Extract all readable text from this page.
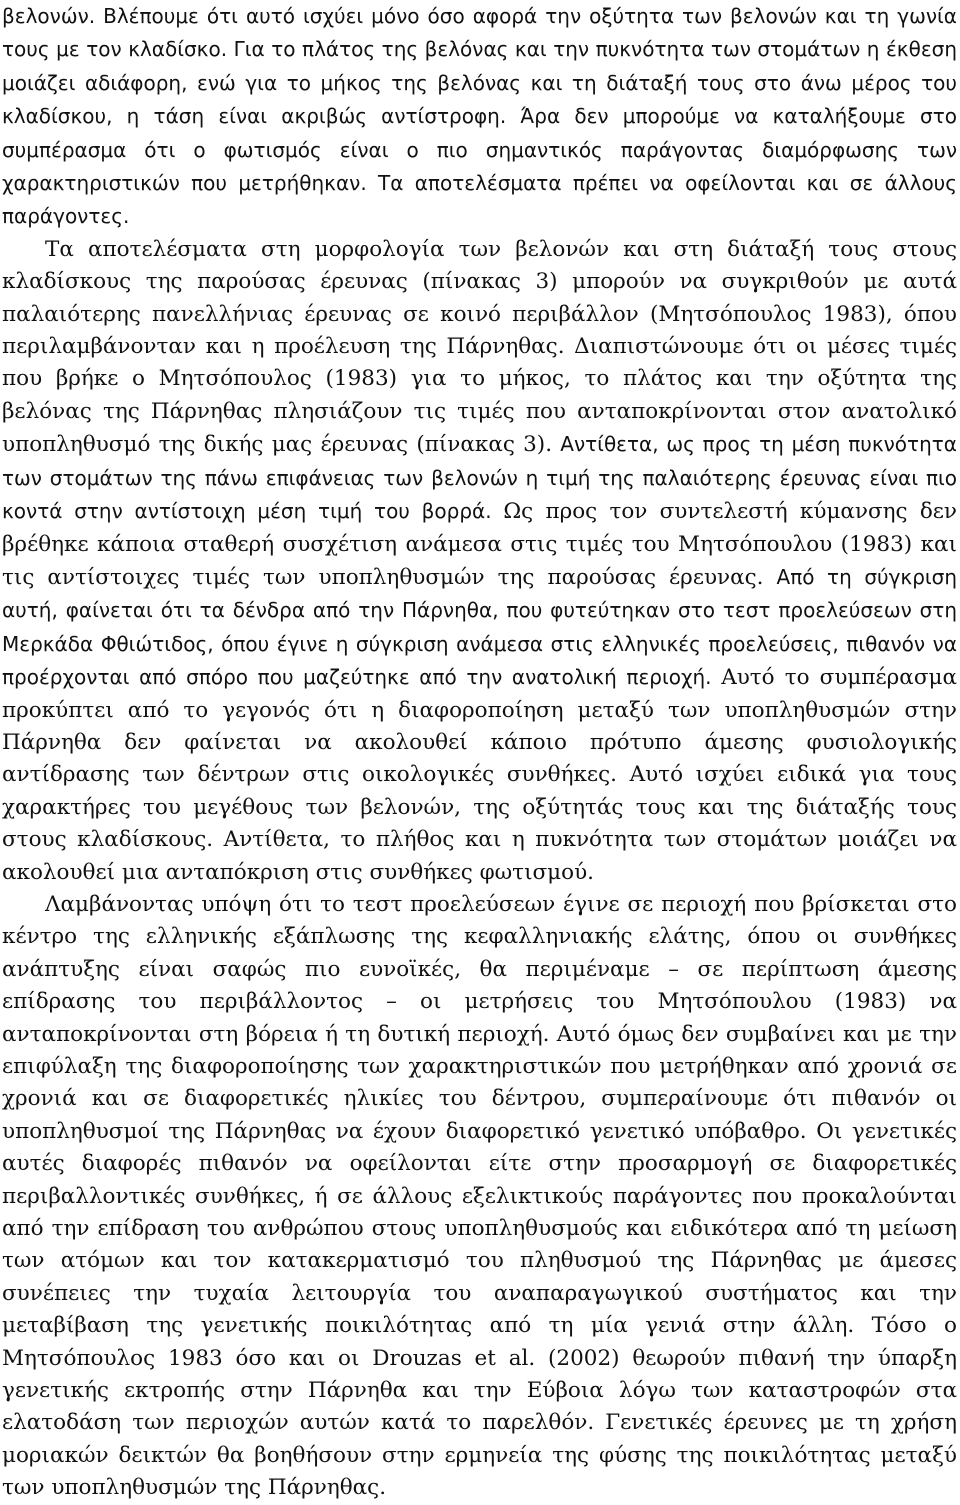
βελονών. Βλέπουμε ότι αυτό ισχύει μόνο όσο αφορά την οξύτητα των βελονών και τη γωνία τους με τον κλαδίσκο. Για το πλάτος της βελόνας και την πυκνότητα των στομάτων η έκθεση μοιάζει αδιάφορη, ενώ για το μήκος της βελόνας και τη διάταξή τους στο άνω μέρος του κλαδίσκου, η τάση είναι ακριβώς αντίστροφη. Άρα δεν μπορούμε να καταλήξουμε στο συμπέρασμα ότι ο φωτισμός είναι ο πιο σημαντικός παράγοντας διαμόρφωσης των χαρακτηριστικών που μετρήθηκαν. Τα αποτελέσματα πρέπει να οφείλονται και σε άλλους παράγοντες.

Τα αποτελέσματα στη μορφολογία των βελονών και στη διάταξή τους στους κλαδίσκους της παρούσας έρευνας (πίνακας 3) μπορούν να συγκριθούν με αυτά παλαιότερης πανελλήνιας έρευνας σε κοινό περιβάλλον (Μητσόπουλος 1983), όπου περιλαμβάνονταν και η προέλευση της Πάρνηθας. Διαπιστώνουμε ότι οι μέσες τιμές που βρήκε ο Μητσόπουλος (1983) για το μήκος, το πλάτος και την οξύτητα της βελόνας της Πάρνηθας πλησιάζουν τις τιμές που ανταποκρίνονται στον ανατολικό υποπληθυσμό της δικής μας έρευνας (πίνακας 3). Αντίθετα, ως προς τη μέση πυκνότητα των στομάτων της πάνω επιφάνειας των βελονών η τιμή της παλαιότερης έρευνας είναι πιο κοντά στην αντίστοιχη μέση τιμή του βορρά. Ως προς τον συντελεστή κύμανσης δεν βρέθηκε κάποια σταθερή συσχέτιση ανάμεσα στις τιμές του Μητσόπουλου (1983) και τις αντίστοιχες τιμές των υποπληθυσμών της παρούσας έρευνας. Από τη σύγκριση αυτή, φαίνεται ότι τα δένδρα από την Πάρνηθα, που φυτεύτηκαν στο τεστ προελεύσεων στη Μερκάδα Φθιώτιδος, όπου έγινε η σύγκριση ανάμεσα στις ελληνικές προελεύσεις, πιθανόν να προέρχονται από σπόρο που μαζεύτηκε από την ανατολική περιοχή. Αυτό το συμπέρασμα προκύπτει από το γεγονός ότι η διαφοροποίηση μεταξύ των υποπληθυσμών στην Πάρνηθα δεν φαίνεται να ακολουθεί κάποιο πρότυπο άμεσης φυσιολογικής αντίδρασης των δέντρων στις οικολογικές συνθήκες. Αυτό ισχύει ειδικά για τους χαρακτήρες του μεγέθους των βελονών, της οξύτητάς τους και της διάταξής τους στους κλαδίσκους. Αντίθετα, το πλήθος και η πυκνότητα των στομάτων μοιάζει να ακολουθεί μια ανταπόκριση στις συνθήκες φωτισμού.

Λαμβάνοντας υπόψη ότι το τεστ προελεύσεων έγινε σε περιοχή που βρίσκεται στο κέντρο της ελληνικής εξάπλωσης της κεφαλληνιακής ελάτης, όπου οι συνθήκες ανάπτυξης είναι σαφώς πιο ευνοϊκές, θα περιμέναμε – σε περίπτωση άμεσης επίδρασης του περιβάλλοντος – οι μετρήσεις του Μητσόπουλου (1983) να ανταποκρίνονται στη βόρεια ή τη δυτική περιοχή. Αυτό όμως δεν συμβαίνει και με την επιφύλαξη της διαφοροποίησης των χαρακτηριστικών που μετρήθηκαν από χρονιά σε χρονιά και σε διαφορετικές ηλικίες του δέντρου, συμπεραίνουμε ότι πιθανόν οι υποπληθυσμοί της Πάρνηθας να έχουν διαφορετικό γενετικό υπόβαθρο. Οι γενετικές αυτές διαφορές πιθανόν να οφείλονται είτε στην προσαρμογή σε διαφορετικές περιβαλλοντικές συνθήκες, ή σε άλλους εξελικτικούς παράγοντες που προκαλούνται από την επίδραση του ανθρώπου στους υποπληθυσμούς και ειδικότερα από τη μείωση των ατόμων και τον κατακερματισμό του πληθυσμού της Πάρνηθας με άμεσες συνέπειες την τυχαία λειτουργία του αναπαραγωγικού συστήματος και την μεταβίβαση της γενετικής ποικιλότητας από τη μία γενιά στην άλλη. Τόσο ο Μητσόπουλος 1983 όσο και οι Drouzas et al. (2002) θεωρούν πιθανή την ύπαρξη γενετικής εκτροπής στην Πάρνηθα και την Εύβοια λόγω των καταστροφών στα ελατοδάση των περιοχών αυτών κατά το παρελθόν. Γενετικές έρευνες με τη χρήση μοριακών δεικτών θα βοηθήσουν στην ερμηνεία της φύσης της ποικιλότητας μεταξύ των υποπληθυσμών της Πάρνηθας.
